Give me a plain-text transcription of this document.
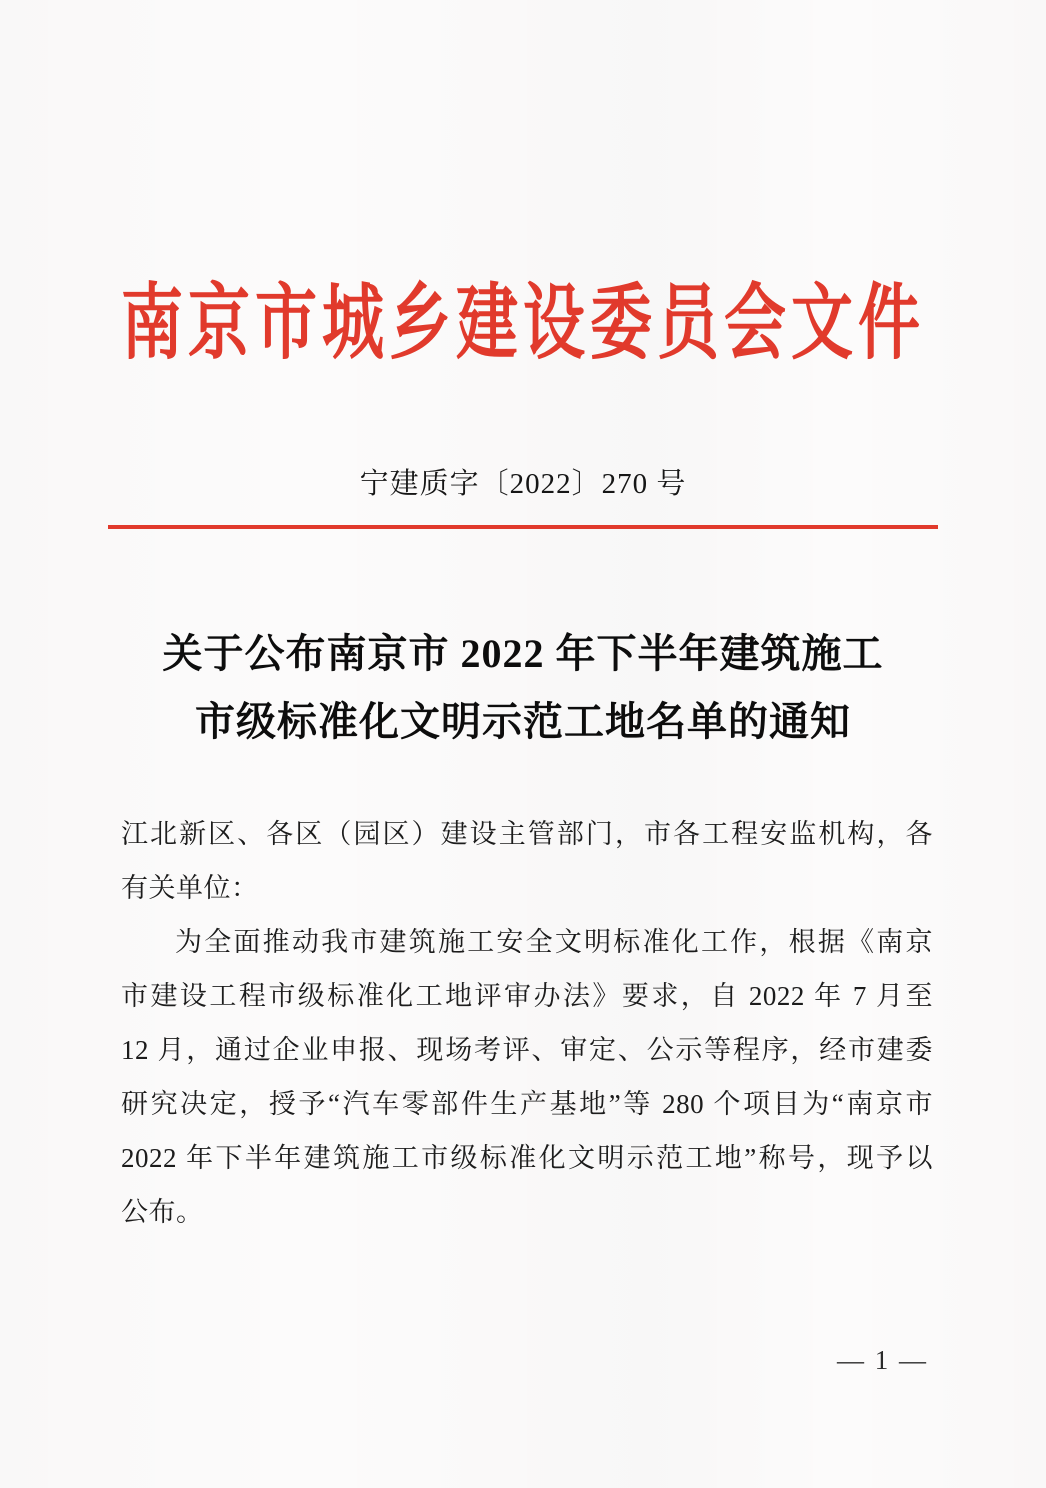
南京市城乡建设委员会文件
宁建质字〔2022〕270 号
关于公布南京市 2022 年下半年建筑施工
市级标准化文明示范工地名单的通知
江北新区、各区（园区）建设主管部门，市各工程安监机构，各
有关单位：
为全面推动我市建筑施工安全文明标准化工作，根据《南京
市建设工程市级标准化工地评审办法》要求，自 2022 年 7 月至
12 月，通过企业申报、现场考评、审定、公示等程序，经市建委
研究决定，授予“汽车零部件生产基地”等 280 个项目为“南京市
2022 年下半年建筑施工市级标准化文明示范工地”称号，现予以
公布。
— 1 —
